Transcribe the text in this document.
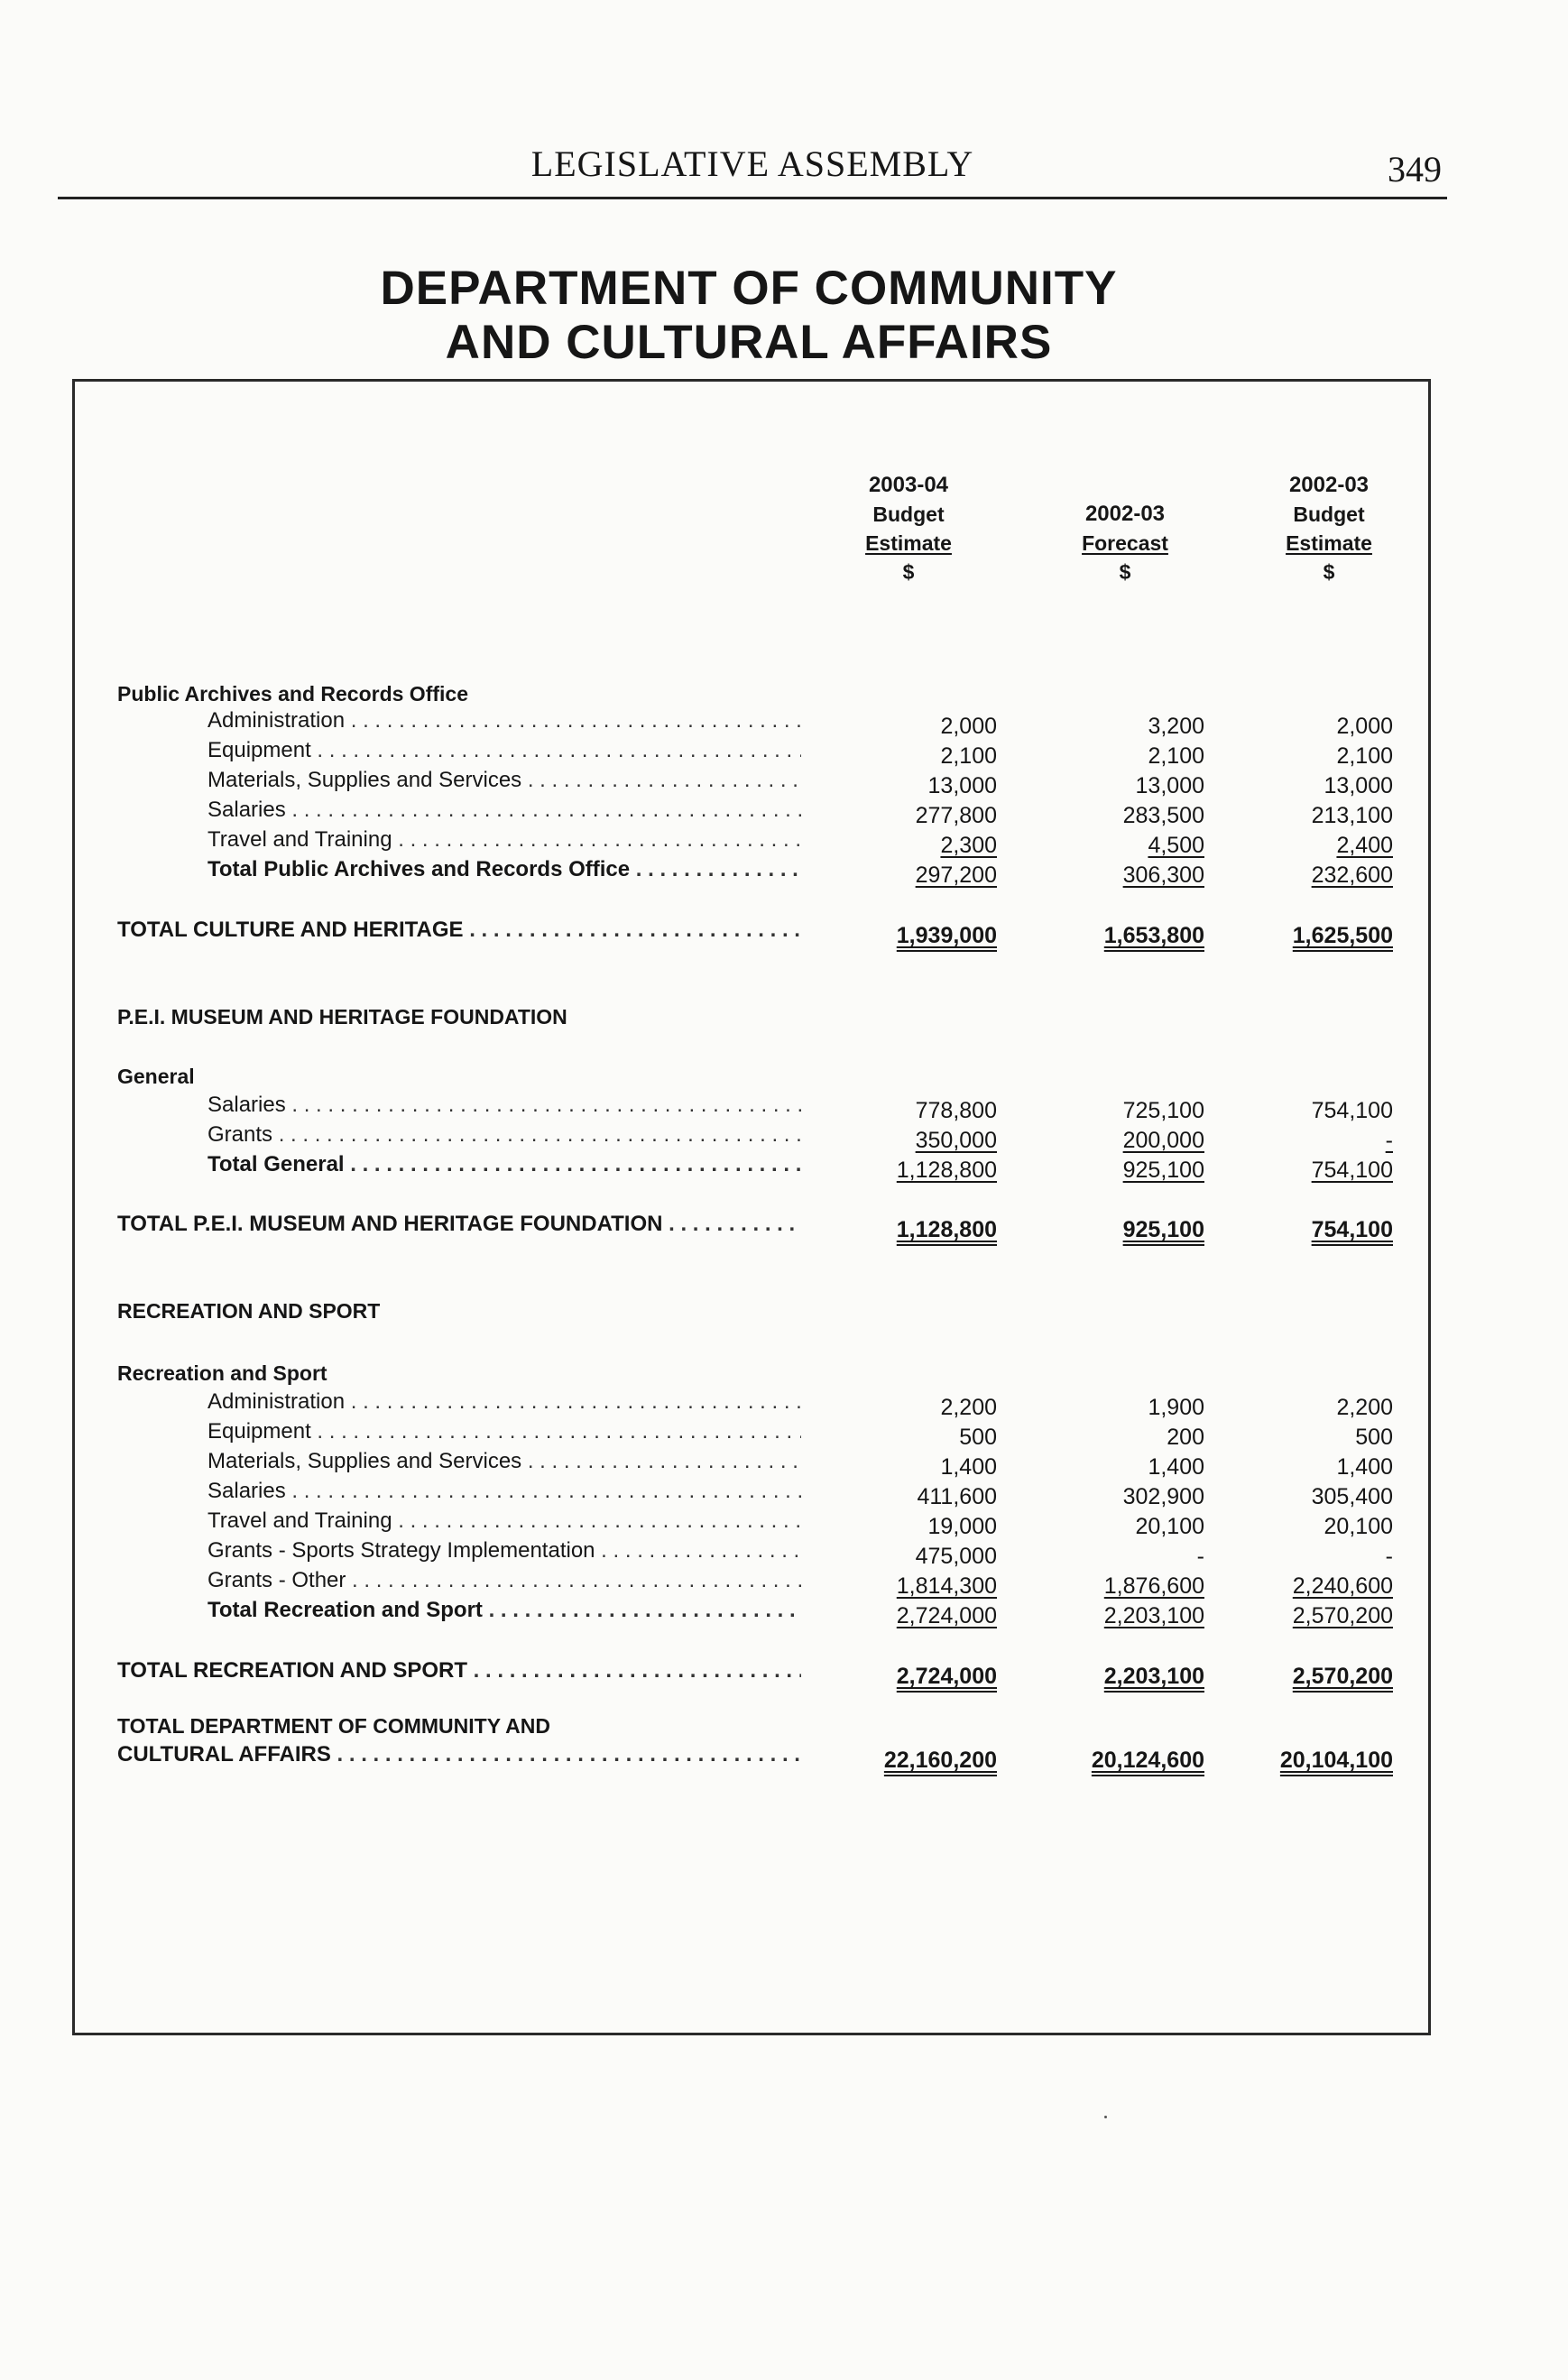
LEGISLATIVE ASSEMBLY	349
DEPARTMENT OF COMMUNITY
AND CULTURAL AFFAIRS
2003-04
Budget
Estimate
$
2002-03
Forecast
$
2002-03
Budget
Estimate
$
Public Archives and Records Office
Administration . . .	2,000	3,200	2,000
Equipment . . .	2,100	2,100	2,100
Materials, Supplies and Services . . .	13,000	13,000	13,000
Salaries . . .	277,800	283,500	213,100
Travel and Training . . .	2,300	4,500	2,400
Total Public Archives and Records Office . . .	297,200	306,300	232,600
TOTAL CULTURE AND HERITAGE . . .	1,939,000	1,653,800	1,625,500
P.E.I. MUSEUM AND HERITAGE FOUNDATION
General
Salaries . . .	778,800	725,100	754,100
Grants . . .	350,000	200,000	-
Total General . . .	1,128,800	925,100	754,100
TOTAL P.E.I. MUSEUM AND HERITAGE FOUNDATION . . .	1,128,800	925,100	754,100
RECREATION AND SPORT
Recreation and Sport
Administration . . .	2,200	1,900	2,200
Equipment . . .	500	200	500
Materials, Supplies and Services . . .	1,400	1,400	1,400
Salaries . . .	411,600	302,900	305,400
Travel and Training . . .	19,000	20,100	20,100
Grants - Sports Strategy Implementation . . .	475,000	-	-
Grants - Other . . .	1,814,300	1,876,600	2,240,600
Total Recreation and Sport . . .	2,724,000	2,203,100	2,570,200
TOTAL RECREATION AND SPORT . . .	2,724,000	2,203,100	2,570,200
TOTAL DEPARTMENT OF COMMUNITY AND
CULTURAL AFFAIRS . . .	22,160,200	20,124,600	20,104,100
